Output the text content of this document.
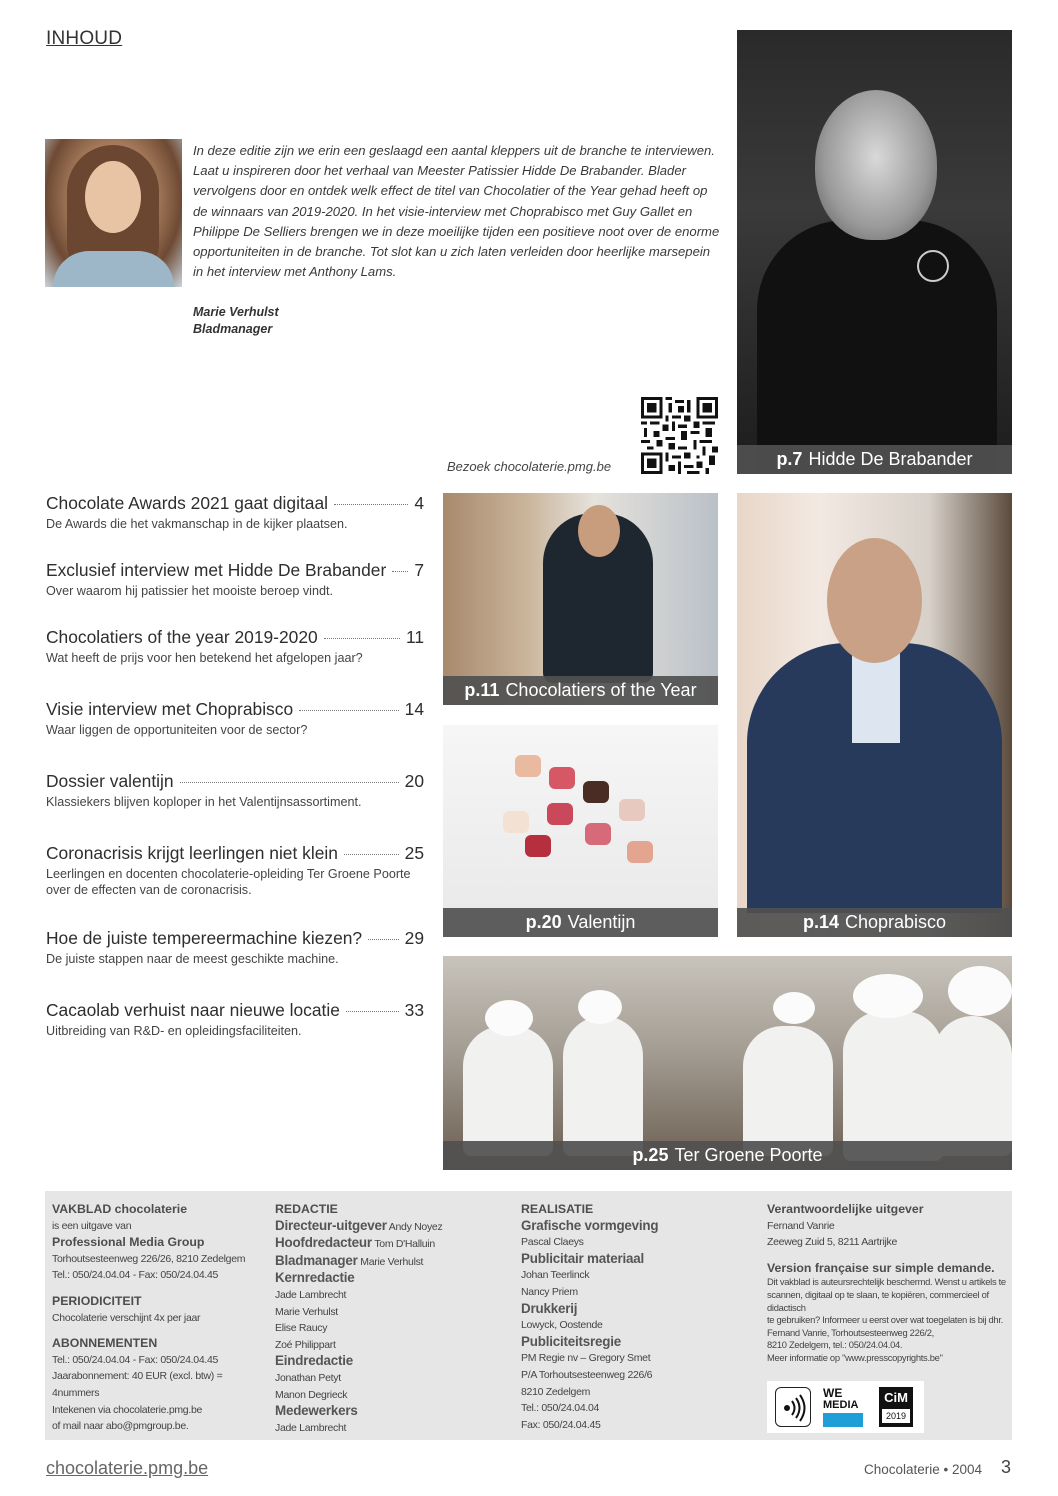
INHOUD
In deze editie zijn we erin een geslaagd een aantal kleppers uit de branche te interviewen. Laat u inspireren door het verhaal van Meester Patissier Hidde De Brabander. Blader vervolgens door en ontdek welk effect de titel van Chocolatier of the Year gehad heeft op de winnaars van 2019-2020. In het visie-interview met Choprabisco met Guy Gallet en Philippe De Selliers brengen we in deze moeilijke tijden een positieve noot over de enorme opportuniteiten in de branche. Tot slot kan u zich laten verleiden door heerlijke marsepein in het interview met Anthony Lams.
Marie Verhulst
Bladmanager
Bezoek chocolaterie.pmg.be	p.7 Hidde De Brabander
p.11 Chocolatiers of the Year
p.20 Valentijn	p.14 Choprabisco
p.25 Ter Groene Poorte
Chocolate Awards 2021 gaat digitaal	4
De Awards die het vakmanschap in de kijker plaatsen.
Exclusief interview met Hidde De Brabander 7
Over waarom hij patissier het mooiste beroep vindt.
Chocolatiers of the year 2019-2020	11
Wat heeft de prijs voor hen betekend het afgelopen jaar?
Visie interview met Choprabisco	14
Waar liggen de opportuniteiten voor de sector?
Dossier valentijn	20
Klassiekers blijven koploper in het Valentijnsassortiment.
Coronacrisis krijgt leerlingen niet klein	25
Leerlingen en docenten chocolaterie-opleiding Ter Groene Poorte over de effecten van de coronacrisis.
Hoe de juiste tempereermachine kiezen? 29
De juiste stappen naar de meest geschikte machine.
Cacaolab verhuist naar nieuwe locatie	33
Uitbreiding van R&D- en opleidingsfaciliteiten.
VAKBLAD chocolaterie
is een uitgave van
Professional Media Group
Torhoutsesteenweg 226/26, 8210 Zedelgem
Tel.: 050/24.04.04 - Fax: 050/24.04.45
PERIODICITEIT
Chocolaterie verschijnt 4x per jaar
ABONNEMENTEN
Tel.: 050/24.04.04 - Fax: 050/24.04.45
Jaarabonnement: 40 EUR (excl. btw) = 4nummers
Intekenen via chocolaterie.pmg.be
of mail naar abo@pmgroup.be.
REDACTIE
Directeur-uitgever Andy Noyez
Hoofdredacteur Tom D'Halluin
Bladmanager Marie Verhulst
Kernredactie
Jade Lambrecht
Marie Verhulst
Elise Raucy
Zoé Philippart
Eindredactie
Jonathan Petyt
Manon Degrieck
Medewerkers
Jade Lambrecht
REALISATIE
Grafische vormgeving
Pascal Claeys
Publicitair materiaal
Johan Teerlinck
Nancy Priem
Drukkerij
Lowyck, Oostende
Publiciteitsregie
PM Regie nv – Gregory Smet
P/A Torhoutsesteenweg 226/6
8210 Zedelgem
Tel.: 050/24.04.04
Fax: 050/24.04.45
Verantwoordelijke uitgever
Fernand Vanrie
Zeeweg Zuid 5, 8211 Aartrijke
Version française sur simple demande.
Dit vakblad is auteursrechtelijk beschermd. Wenst u artikels te
scannen, digitaal op te slaan, te kopiëren, commercieel of didactisch
te gebruiken? Informeer u eerst over wat toegelaten is bij dhr.
Fernand Vanrie, Torhoutsesteenweg 226/2,
8210 Zedelgem, tel.: 050/24.04.04.
Meer informatie op "www.presscopyrights.be"
WE
MEDIA	CiM
2019
chocolaterie.pmg.be	Chocolaterie • 2004 3
